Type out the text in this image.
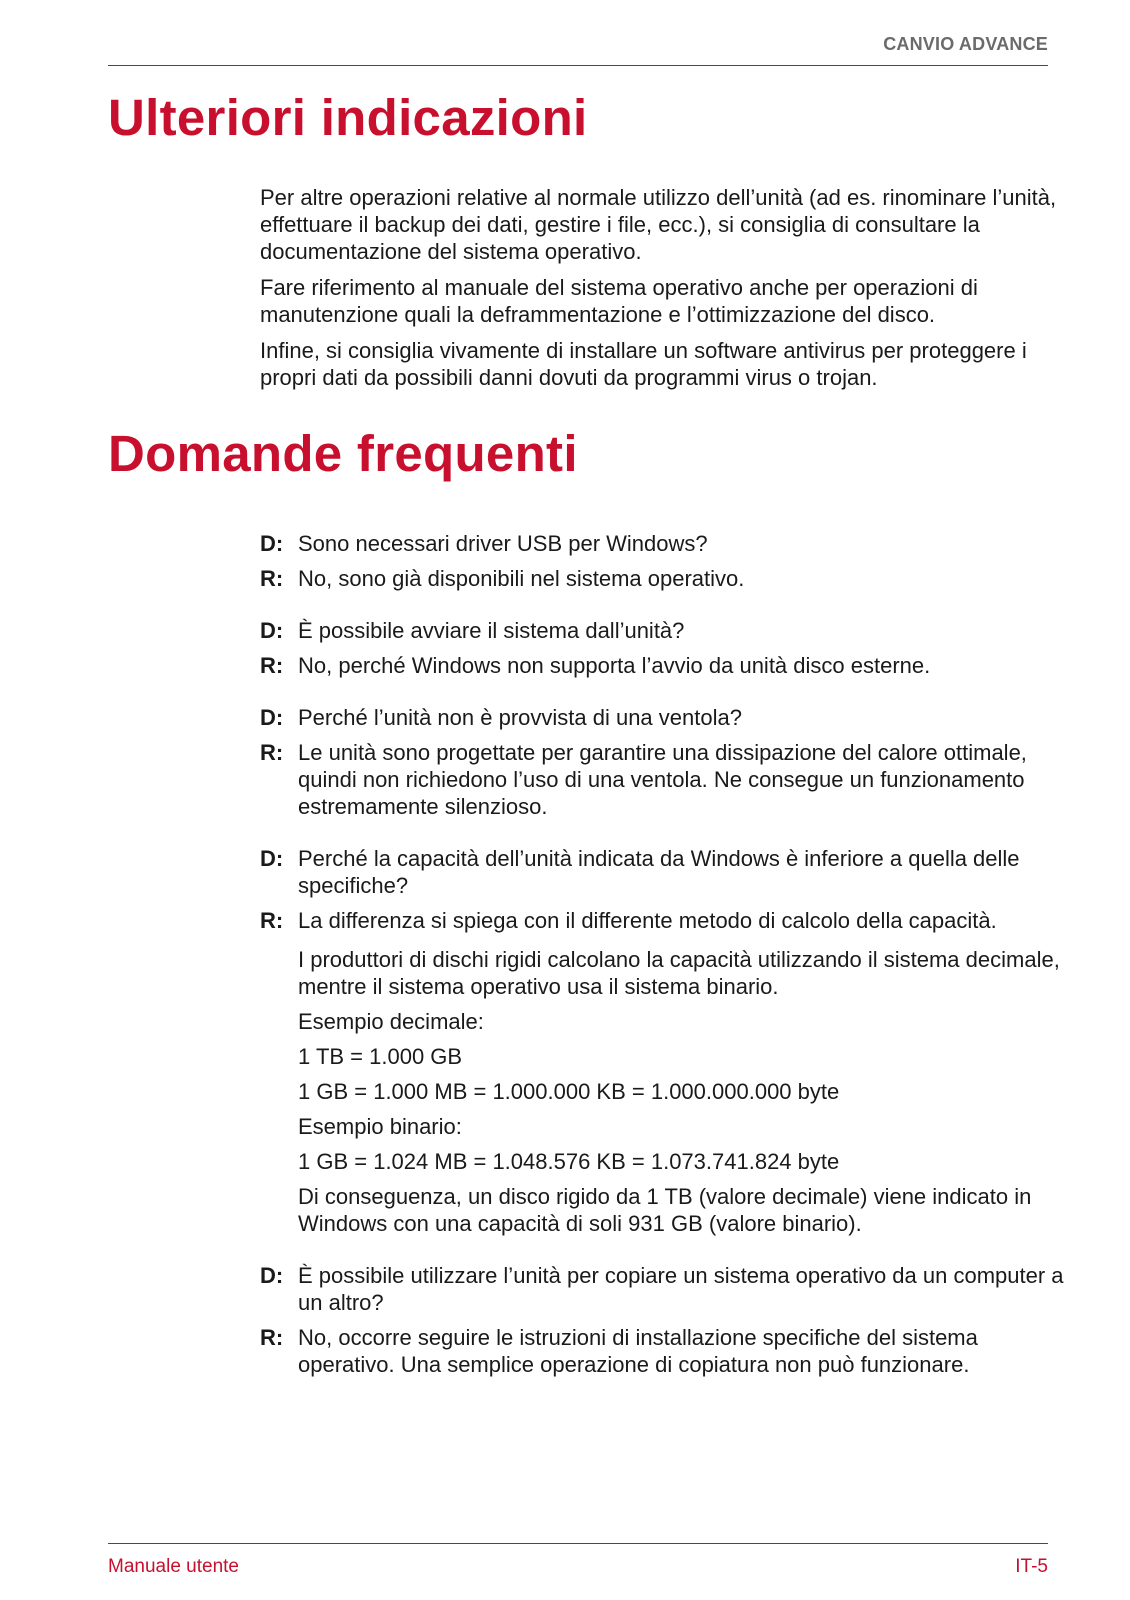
CANVIO ADVANCE
Ulteriori indicazioni

Per altre operazioni relative al normale utilizzo dell’unità (ad es. rinominare l’unità, effettuare il backup dei dati, gestire i file, ecc.), si consiglia di consultare la documentazione del sistema operativo.

Fare riferimento al manuale del sistema operativo anche per operazioni di manutenzione quali la deframmentazione e l’ottimizzazione del disco.

Infine, si consiglia vivamente di installare un software antivirus per proteggere i propri dati da possibili danni dovuti da programmi virus o trojan.

Domande frequenti
D: Sono necessari driver USB per Windows?
R: No, sono già disponibili nel sistema operativo.
D: È possibile avviare il sistema dall’unità?
R: No, perché Windows non supporta l’avvio da unità disco esterne.
D: Perché l’unità non è provvista di una ventola?
R: Le unità sono progettate per garantire una dissipazione del calore ottimale, quindi non richiedono l’uso di una ventola. Ne consegue un funzionamento estremamente silenzioso.
D: Perché la capacità dell’unità indicata da Windows è inferiore a quella delle specifiche?
R: La differenza si spiega con il differente metodo di calcolo della capacità.

I produttori di dischi rigidi calcolano la capacità utilizzando il sistema decimale, mentre il sistema operativo usa il sistema binario.

Esempio decimale:

1 TB = 1.000 GB

1 GB = 1.000 MB = 1.000.000 KB = 1.000.000.000 byte

Esempio binario:

1 GB = 1.024 MB = 1.048.576 KB = 1.073.741.824 byte

Di conseguenza, un disco rigido da 1 TB (valore decimale) viene indicato in Windows con una capacità di soli 931 GB (valore binario).

D: È possibile utilizzare l’unità per copiare un sistema operativo da un computer a un altro?
R: No, occorre seguire le istruzioni di installazione specifiche del sistema operativo. Una semplice operazione di copiatura non può funzionare.
Manuale utente	IT-5
